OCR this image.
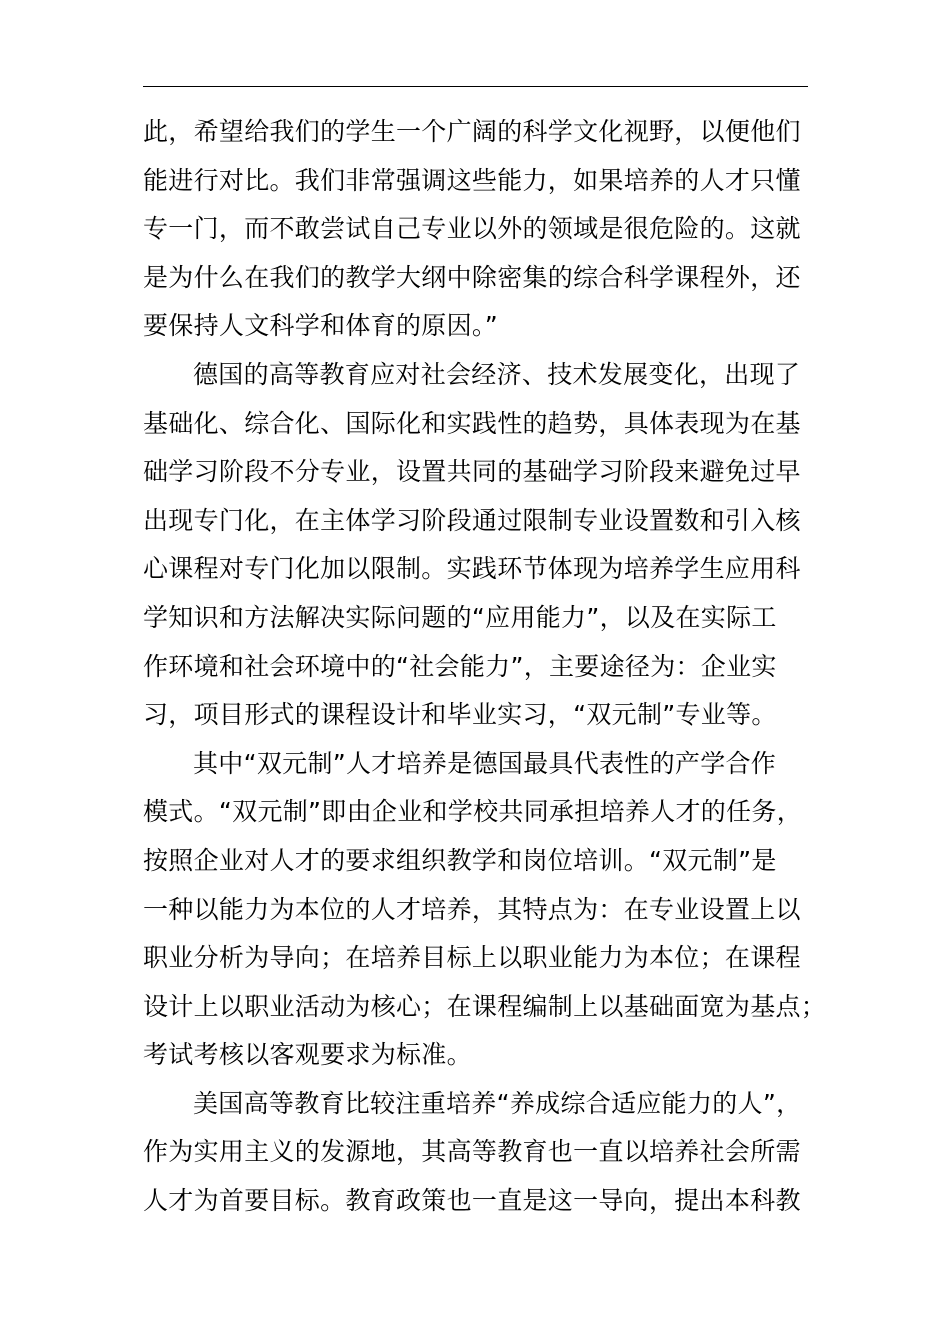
此，希望给我们的学生一个广阔的科学文化视野，以便他们
能进行对比。我们非常强调这些能力，如果培养的人才只懂
专一门，而不敢尝试自己专业以外的领域是很危险的。这就
是为什么在我们的教学大纲中除密集的综合科学课程外，还
要保持人文科学和体育的原因。”
德国的高等教育应对社会经济、技术发展变化，出现了
基础化、综合化、国际化和实践性的趋势，具体表现为在基
础学习阶段不分专业，设置共同的基础学习阶段来避免过早
出现专门化，在主体学习阶段通过限制专业设置数和引入核
心课程对专门化加以限制。实践环节体现为培养学生应用科
学知识和方法解决实际问题的“应用能力”，以及在实际工
作环境和社会环境中的“社会能力”，主要途径为：企业实
习，项目形式的课程设计和毕业实习，“双元制”专业等。
其中“双元制”人才培养是德国最具代表性的产学合作
模式。“双元制”即由企业和学校共同承担培养人才的任务，
按照企业对人才的要求组织教学和岗位培训。“双元制”是
一种以能力为本位的人才培养，其特点为：在专业设置上以
职业分析为导向；在培养目标上以职业能力为本位；在课程
设计上以职业活动为核心；在课程编制上以基础面宽为基点；
考试考核以客观要求为标准。
美国高等教育比较注重培养“养成综合适应能力的人”，
作为实用主义的发源地，其高等教育也一直以培养社会所需
人才为首要目标。教育政策也一直是这一导向，提出本科教
